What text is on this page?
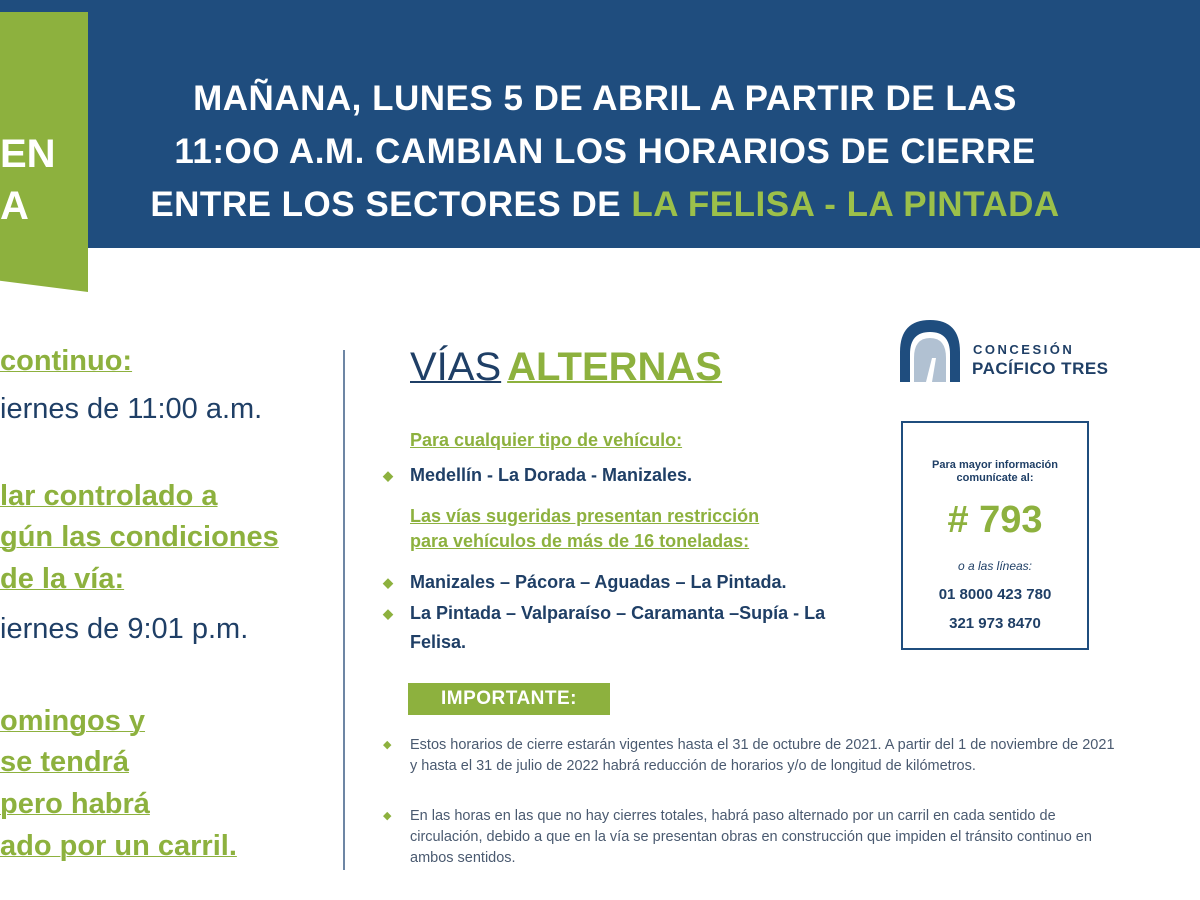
EN
A
MAÑANA, LUNES 5 DE ABRIL A PARTIR DE LAS
11:OO A.M. CAMBIAN LOS HORARIOS DE CIERRE
ENTRE LOS SECTORES DE LA FELISA - LA PINTADA
continuo:
iernes de 11:00 a.m.
lar controlado a
gún las condiciones
de la vía:
iernes de 9:01 p.m.
omingos y
se tendrá
pero habrá
ado por un carril.
VÍAS ALTERNAS
Para cualquier tipo de vehículo:
◆ Medellín - La Dorada - Manizales.
Las vías sugeridas presentan restricción
para vehículos de más de 16 toneladas:
◆ Manizales – Pácora – Aguadas – La Pintada.
◆ La Pintada – Valparaíso – Caramanta –Supía - La Felisa.
CONCESIÓN
PACÍFICO TRES
Para mayor información
comunícate al:
# 793
o a las líneas:
01 8000 423 780
321 973 8470
IMPORTANTE:
◆ Estos horarios de cierre estarán vigentes hasta el 31 de octubre de 2021. A partir del 1 de noviembre de 2021 y hasta el 31 de julio de 2022 habrá reducción de horarios y/o de longitud de kilómetros.
◆ En las horas en las que no hay cierres totales, habrá paso alternado por un carril en cada sentido de circulación, debido a que en la vía se presentan obras en construcción que impiden el tránsito continuo en ambos sentidos.
